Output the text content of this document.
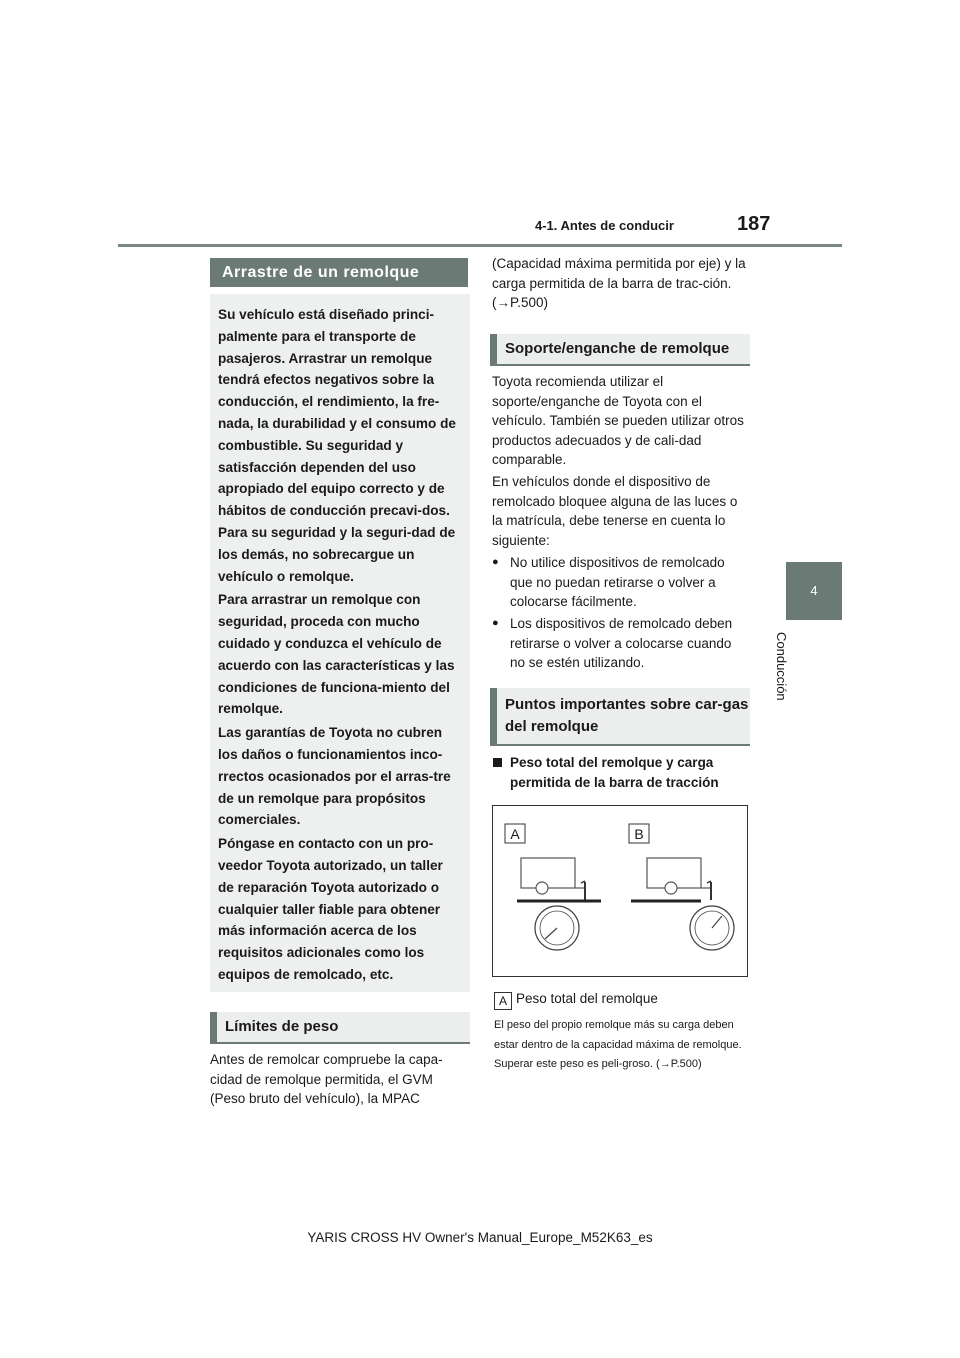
4-1. Antes de conducir	187
4
Conducción
Arrastre de un remolque

Su vehículo está diseñado princi-palmente para el transporte de pasajeros. Arrastrar un remolque tendrá efectos negativos sobre la conducción, el rendimiento, la fre-nada, la durabilidad y el consumo de combustible. Su seguridad y satisfacción dependen del uso apropiado del equipo correcto y de hábitos de conducción precavi-dos. Para su seguridad y la seguri-dad de los demás, no sobrecargue un vehículo o remolque.

Para arrastrar un remolque con seguridad, proceda con mucho cuidado y conduzca el vehículo de acuerdo con las características y las condiciones de funciona-miento del remolque.

Las garantías de Toyota no cubren los daños o funcionamientos inco-rrectos ocasionados por el arras-tre de un remolque para propósitos comerciales.

Póngase en contacto con un pro-veedor Toyota autorizado, un taller de reparación Toyota autorizado o cualquier taller fiable para obtener más información acerca de los requisitos adicionales como los equipos de remolcado, etc.

Límites de peso
Antes de remolcar compruebe la capa-cidad de remolque permitida, el GVM (Peso bruto del vehículo), la MPAC
(Capacidad máxima permitida por eje) y la carga permitida de la barra de trac-ción. (→P.500)
Soporte/enganche de remolque
Toyota recomienda utilizar el soporte/enganche de Toyota con el vehículo. También se pueden utilizar otros productos adecuados y de cali-dad comparable.
En vehículos donde el dispositivo de remolcado bloquee alguna de las luces o la matrícula, debe tenerse en cuenta lo siguiente:
● No utilice dispositivos de remolcado que no puedan retirarse o volver a colocarse fácilmente.
● Los dispositivos de remolcado deben retirarse o volver a colocarse cuando no se estén utilizando.
Puntos importantes sobre car-gas del remolque
Peso total del remolque y carga permitida de la barra de tracción
A	B
A Peso total del remolque
El peso del propio remolque más su carga deben estar dentro de la capacidad máxima de remolque. Superar este peso es peli-groso. (→P.500)
YARIS CROSS HV Owner's Manual_Europe_M52K63_es
